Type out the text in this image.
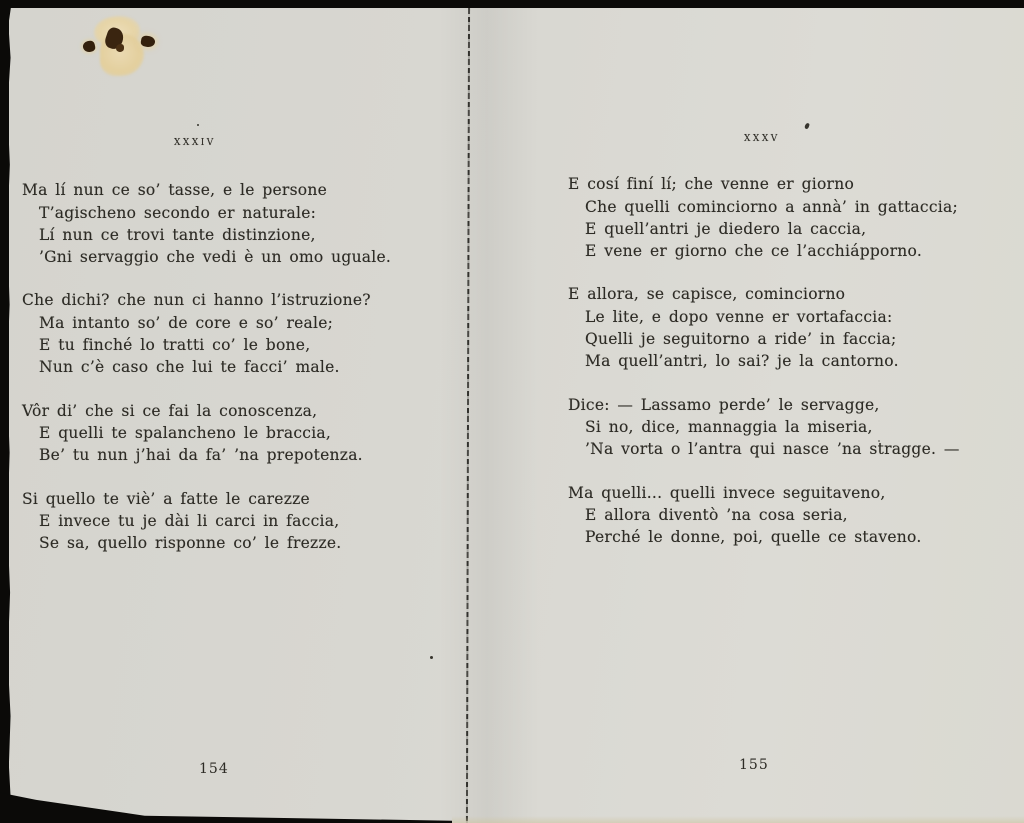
xxxiv
Ma lí nun ce so’ tasse, e le persone
T’agischeno secondo er naturale:
Lí nun ce trovi tante distinzione,
’Gni servaggio che vedi è un omo uguale.
Che dichi? che nun ci hanno l’istruzione?
Ma intanto so’ de core e so’ reale;
E tu finché lo tratti co’ le bone,
Nun c’è caso che lui te facci’ male.
Vôr di’ che si ce fai la conoscenza,
E quelli te spalancheno le braccia,
Be’ tu nun j’hai da fa’ ’na prepotenza.
Si quello te viè’ a fatte le carezze
E invece tu je dài li carci in faccia,
Se sa, quello risponne co’ le frezze.
xxxv
E cosí finí lí; che venne er giorno
Che quelli cominciorno a annà’ in gattaccia;
E quell’antri je diedero la caccia,
E vene er giorno che ce l’acchiápporno.
E allora, se capisce, cominciorno
Le lite, e dopo venne er vortafaccia:
Quelli je seguitorno a ride’ in faccia;
Ma quell’antri, lo sai? je la cantorno.
Dice: — Lassamo perde’ le servagge,
Si no, dice, mannaggia la miseria,
’Na vorta o l’antra qui nasce ’na stragge. —
Ma quelli... quelli invece seguitaveno,
E allora diventò ’na cosa seria,
Perché le donne, poi, quelle ce staveno.
154	155
